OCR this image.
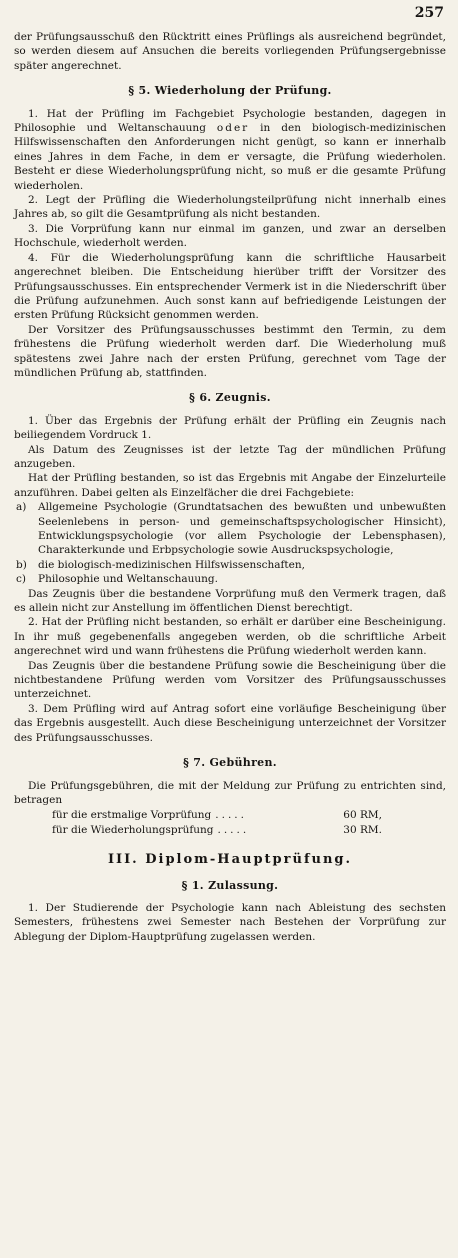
257

der Prüfungsausschuß den Rücktritt eines Prüflings als ausreichend begründet, so werden diesem auf Ansuchen die bereits vorliegenden Prüfungsergebnisse später angerechnet.

§ 5. Wiederholung der Prüfung.

1. Hat der Prüfling im Fachgebiet Psychologie bestanden, dagegen in Philosophie und Weltanschauung oder in den biologisch-medizinischen Hilfswissenschaften den Anforderungen nicht genügt, so kann er innerhalb eines Jahres in dem Fache, in dem er versagte, die Prüfung wiederholen. Besteht er diese Wiederholungsprüfung nicht, so muß er die gesamte Prüfung wiederholen.

2. Legt der Prüfling die Wiederholungsteilprüfung nicht innerhalb eines Jahres ab, so gilt die Gesamtprüfung als nicht bestanden.

3. Die Vorprüfung kann nur einmal im ganzen, und zwar an derselben Hochschule, wiederholt werden.

4. Für die Wiederholungsprüfung kann die schriftliche Hausarbeit angerechnet bleiben. Die Entscheidung hierüber trifft der Vorsitzer des Prüfungsausschusses. Ein entsprechender Vermerk ist in die Niederschrift über die Prüfung aufzunehmen. Auch sonst kann auf befriedigende Leistungen der ersten Prüfung Rücksicht genommen werden.

Der Vorsitzer des Prüfungsausschusses bestimmt den Termin, zu dem frühestens die Prüfung wiederholt werden darf. Die Wiederholung muß spätestens zwei Jahre nach der ersten Prüfung, gerechnet vom Tage der mündlichen Prüfung ab, stattfinden.

§ 6. Zeugnis.

1. Über das Ergebnis der Prüfung erhält der Prüfling ein Zeugnis nach beiliegendem Vordruck 1.

Als Datum des Zeugnisses ist der letzte Tag der mündlichen Prüfung anzugeben.

Hat der Prüfling bestanden, so ist das Ergebnis mit Angabe der Einzelurteile anzuführen. Dabei gelten als Einzelfächer die drei Fachgebiete:

a) Allgemeine Psychologie (Grundtatsachen des bewußten und unbewußten Seelenlebens in person- und gemeinschaftspsychologischer Hinsicht), Entwicklungspsychologie (vor allem Psychologie der Lebensphasen), Charakterkunde und Erbpsychologie sowie Ausdruckspsychologie,
b) die biologisch-medizinischen Hilfswissenschaften,
c) Philosophie und Weltanschauung.

Das Zeugnis über die bestandene Vorprüfung muß den Vermerk tragen, daß es allein nicht zur Anstellung im öffentlichen Dienst berechtigt.

2. Hat der Prüfling nicht bestanden, so erhält er darüber eine Bescheinigung. In ihr muß gegebenenfalls angegeben werden, ob die schriftliche Arbeit angerechnet wird und wann frühestens die Prüfung wiederholt werden kann.

Das Zeugnis über die bestandene Prüfung sowie die Bescheinigung über die nichtbestandene Prüfung werden vom Vorsitzer des Prüfungsausschusses unterzeichnet.

3. Dem Prüfling wird auf Antrag sofort eine vorläufige Bescheinigung über das Ergebnis ausgestellt. Auch diese Bescheinigung unterzeichnet der Vorsitzer des Prüfungsausschusses.

§ 7. Gebühren.

Die Prüfungsgebühren, die mit der Meldung zur Prüfung zu entrichten sind, betragen

für die erstmalige Vorprüfung .....	60 RM,
für die Wiederholungsprüfung .....	30 RM.
III. Diplom-Hauptprüfung.
§ 1. Zulassung.

1. Der Studierende der Psychologie kann nach Ableistung des sechsten Semesters, frühestens zwei Semester nach Bestehen der Vorprüfung zur Ablegung der Diplom-Hauptprüfung zugelassen werden.
